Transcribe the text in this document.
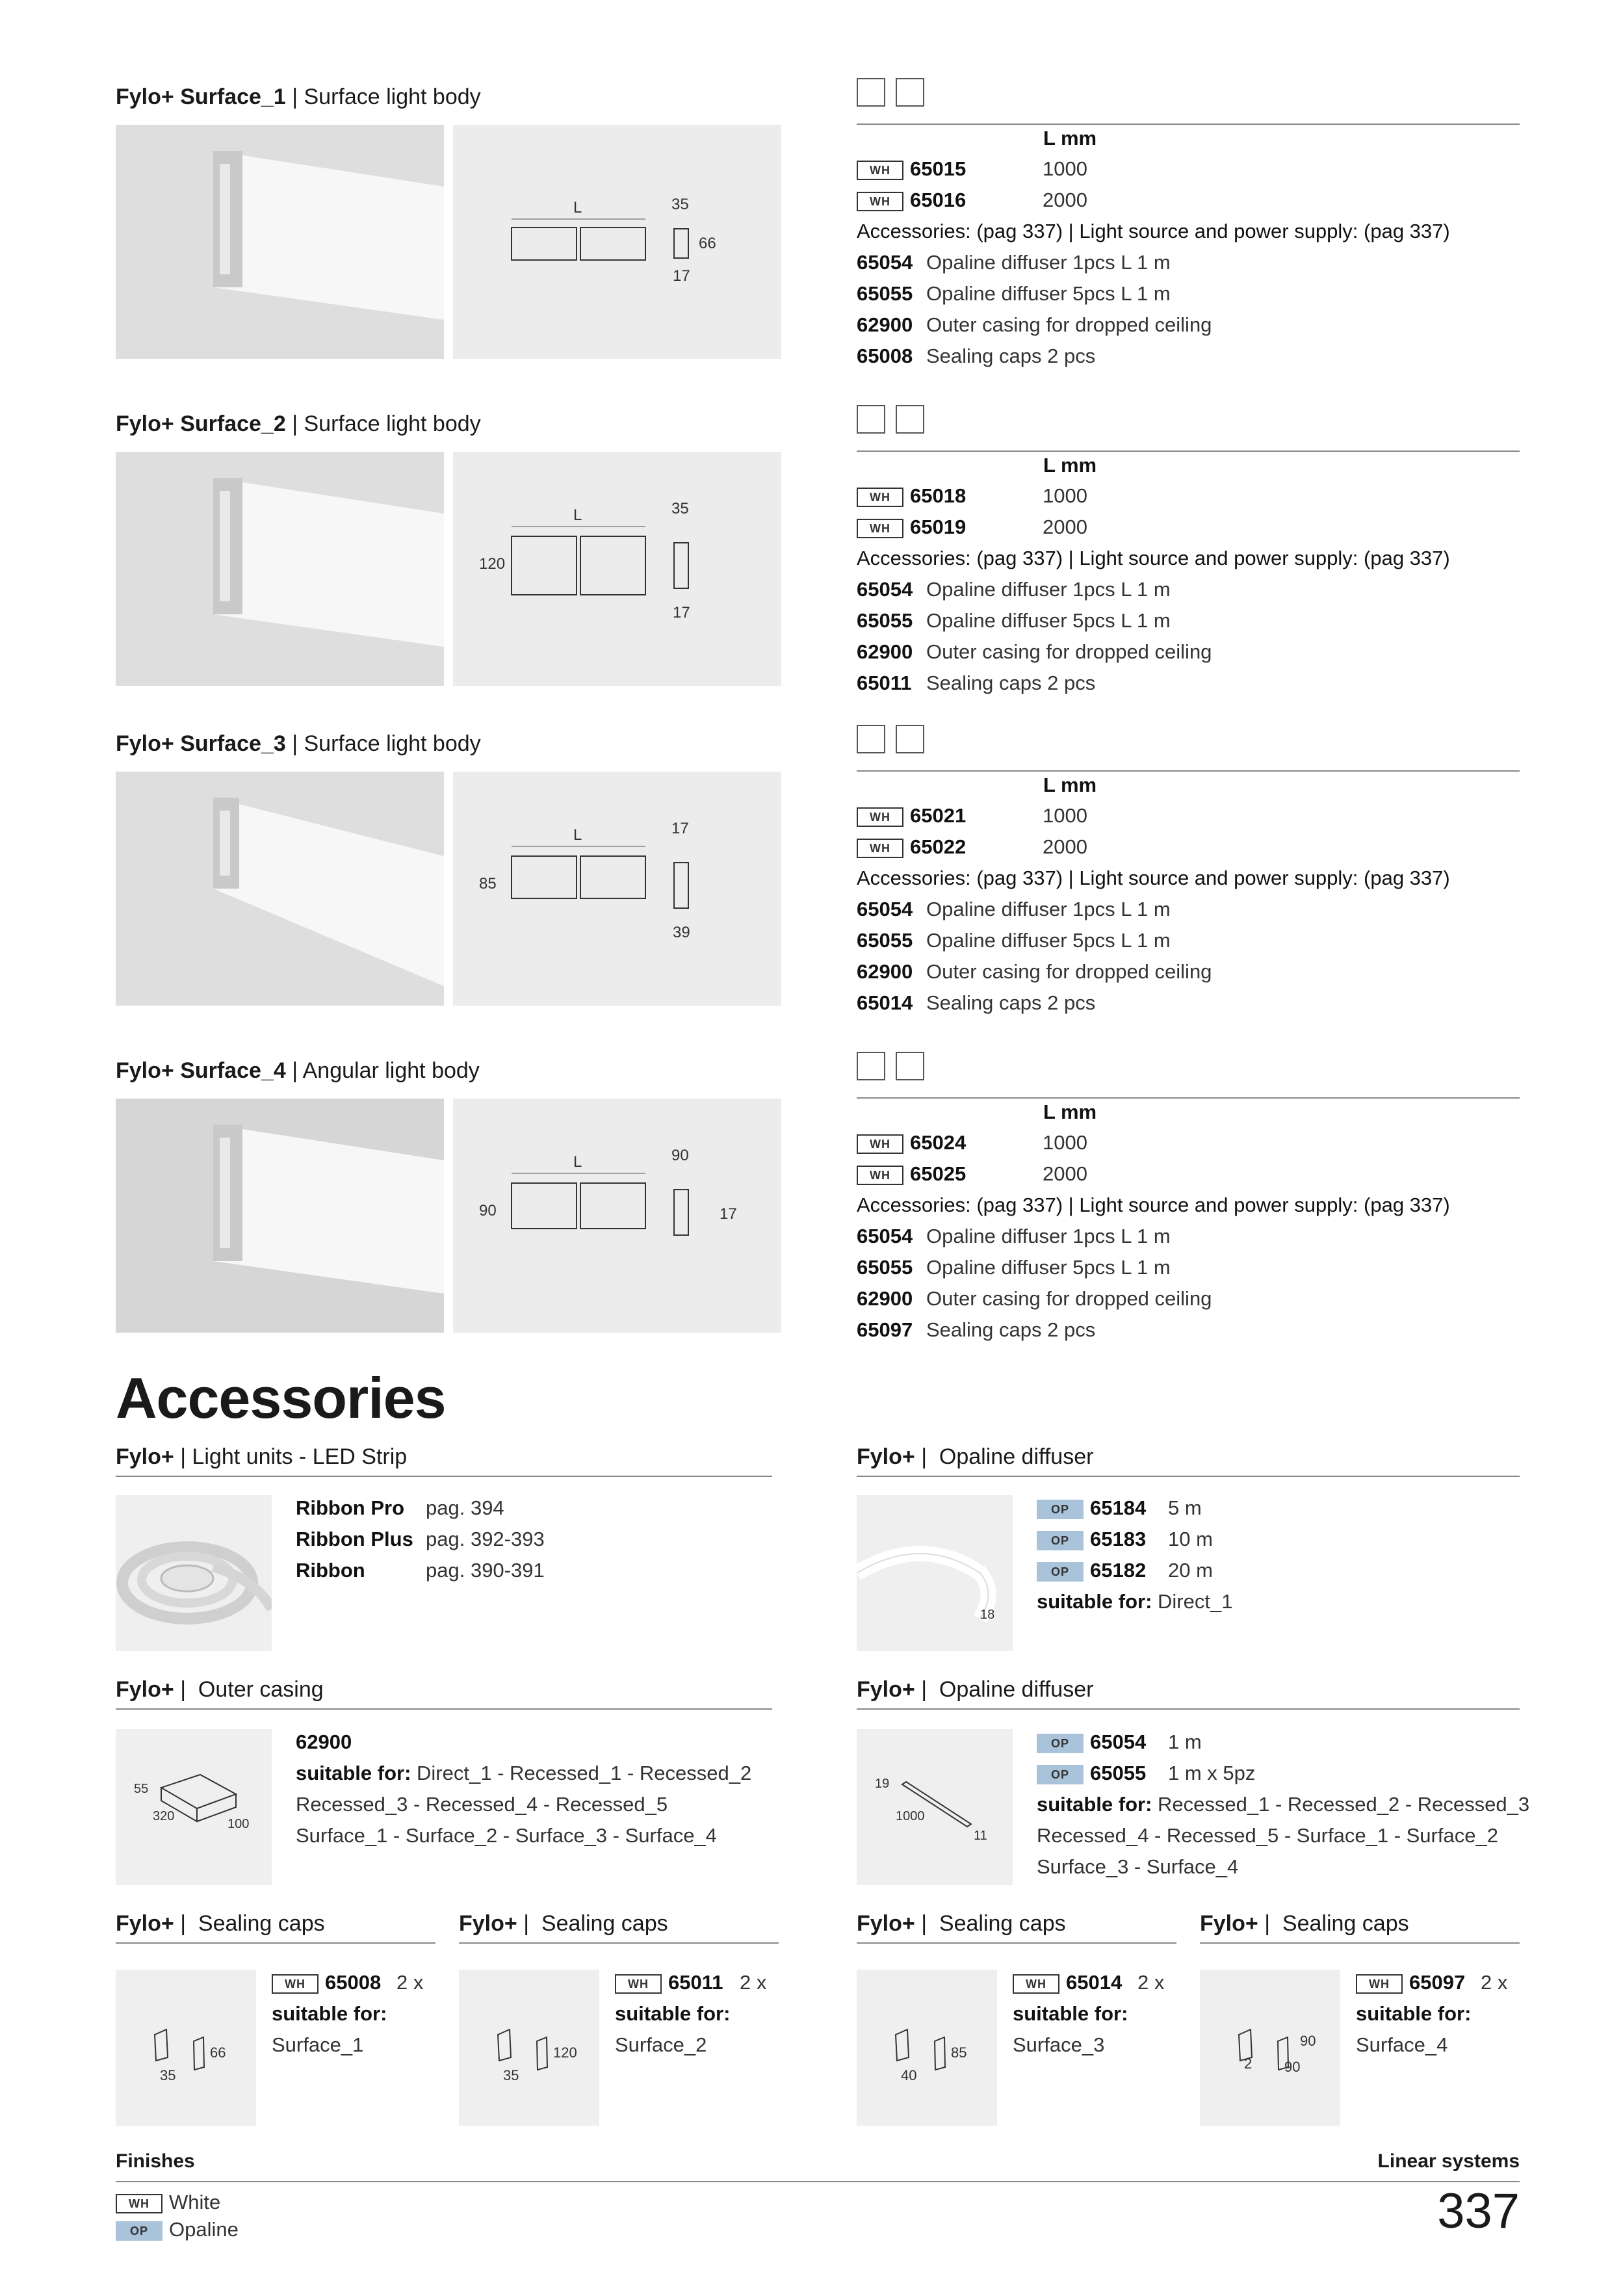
Fylo+ Surface_1 | Surface light body
L	35
66
17
L mm
WH 65015	1000
WH 65016	2000
Accessories: (pag 337) | Light source and power supply: (pag 337)
65054 Opaline diffuser 1pcs L 1 m
65055 Opaline diffuser 5pcs L 1 m
62900 Outer casing for dropped ceiling
65008 Sealing caps 2 pcs
Fylo+ Surface_2 | Surface light body
L	35
120
17
L mm
WH 65018	1000
WH 65019	2000
Accessories: (pag 337) | Light source and power supply: (pag 337)
65054 Opaline diffuser 1pcs L 1 m
65055 Opaline diffuser 5pcs L 1 m
62900 Outer casing for dropped ceiling
65011 Sealing caps 2 pcs
Fylo+ Surface_3 | Surface light body
L	17
85
39
L mm
WH 65021	1000
WH 65022	2000
Accessories: (pag 337) | Light source and power supply: (pag 337)
65054 Opaline diffuser 1pcs L 1 m
65055 Opaline diffuser 5pcs L 1 m
62900 Outer casing for dropped ceiling
65014 Sealing caps 2 pcs
Fylo+ Surface_4 | Angular light body
L	90
90	17
L mm
WH 65024	1000
WH 65025	2000
Accessories: (pag 337) | Light source and power supply: (pag 337)
65054 Opaline diffuser 1pcs L 1 m
65055 Opaline diffuser 5pcs L 1 m
62900 Outer casing for dropped ceiling
65097 Sealing caps 2 pcs
Accessories
Fylo+ | Light units - LED Strip
Ribbon Pro pag. 394
Ribbon Plus pag. 392-393
Ribbon	pag. 390-391
Fylo+ |  Opaline diffuser
18
OP 65184 5 m
OP 65183 10 m
OP 65182 20 m
suitable for: Direct_1
Fylo+ |  Outer casing
55
320
100
62900
suitable for: Direct_1 - Recessed_1 - Recessed_2
Recessed_3 - Recessed_4 - Recessed_5
Surface_1 - Surface_2 - Surface_3 - Surface_4
Fylo+ |  Opaline diffuser
19
1000
11
OP 65054 1 m
OP 65055 1 m x 5pz
suitable for: Recessed_1 - Recessed_2 - Recessed_3
Recessed_4 - Recessed_5 - Surface_1 - Surface_2
Surface_3 - Surface_4
Fylo+ |  Sealing caps
35
66
WH 65008 2 x
suitable for:
Surface_1
Fylo+ |  Sealing caps
35
120
WH 65011 2 x
suitable for:
Surface_2
Fylo+ |  Sealing caps
40
85
WH 65014 2 x
suitable for:
Surface_3
Fylo+ |  Sealing caps
2
90
90
WH 65097 2 x
suitable for:
Surface_4
Finishes	Linear systems
WH White
OP Opaline	337
